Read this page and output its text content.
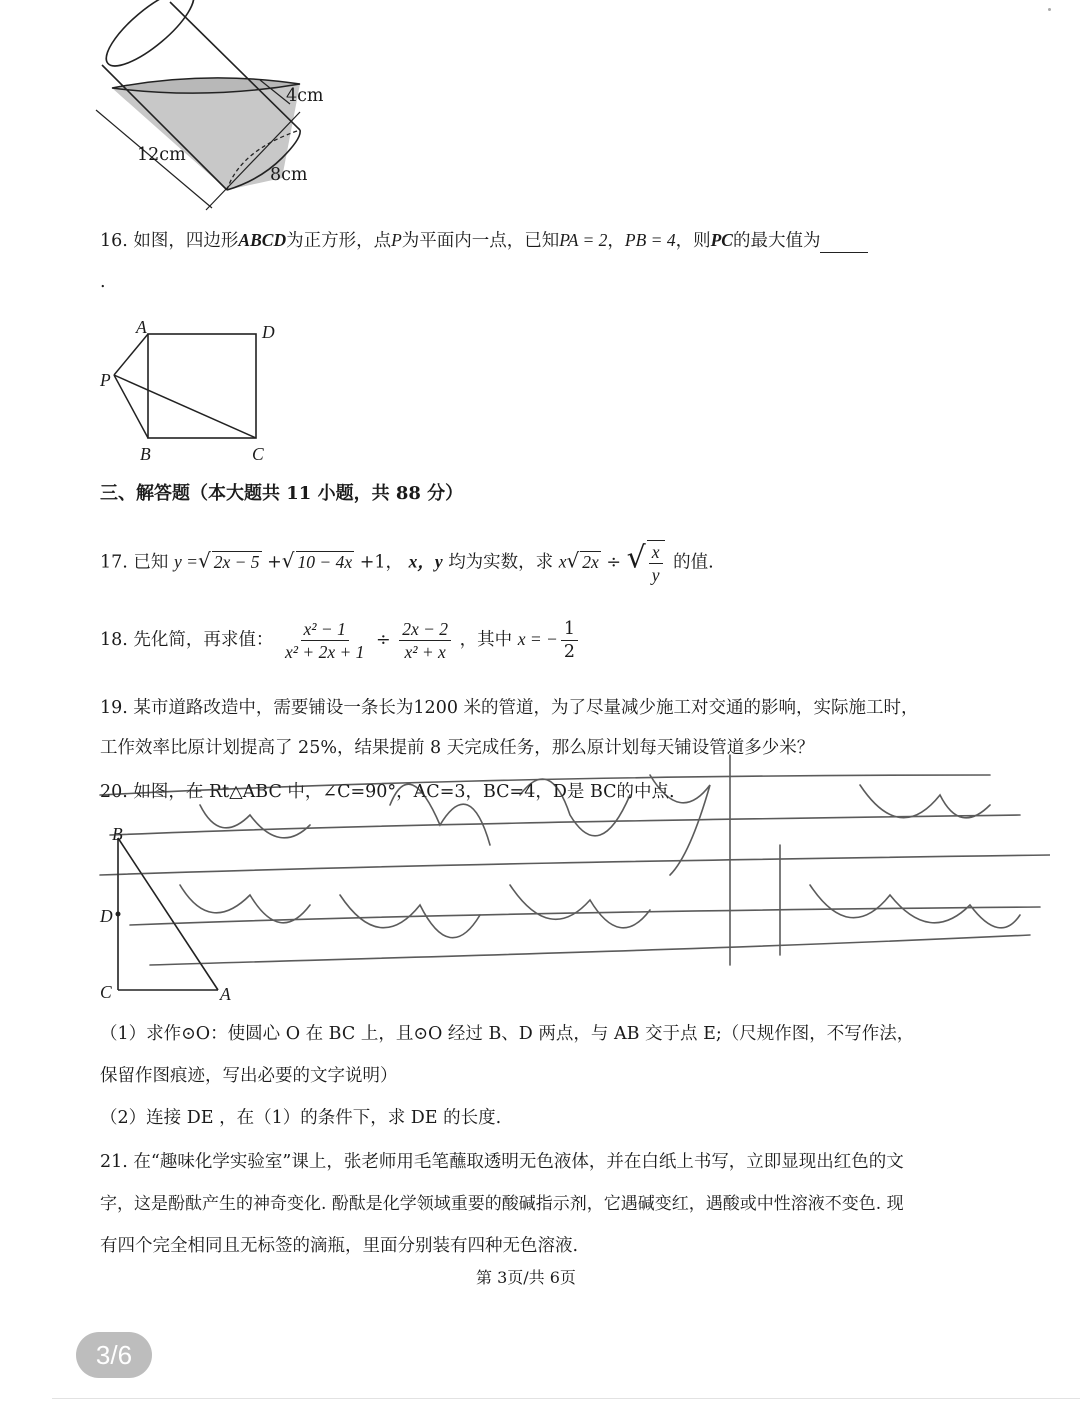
4cm
12cm
8cm
16. 如图，四边形ABCD为正方形，点P为平面内一点，已知PA = 2，PB = 4，则PC的最大值为
.
A	D
P
B	C
三、解答题（本大题共 11 小题，共 88 分）
17. 已知 y =√ 2x − 5 +√ 10 − 4x +1， x，y 均为实数，求 x√ 2x ÷ √ $\frac{x}{y}$ 的值.
18. 先化简，再求值： $\frac{\text{x² − 1}}{\text{x² + 2x + 1}} \div \frac{2x - 2}{\text{x² + x}}$ ，其中 x = − $\frac{1}{2}$
19. 某市道路改造中，需要铺设一条长为1200 米的管道，为了尽量减少施工对交通的影响，实际施工时，
工作效率比原计划提高了 25%，结果提前 8 天完成任务，那么原计划每天铺设管道多少米？
20. 如图，在 Rt△ABC 中，∠C=90°，AC=3，BC=4，D是 BC的中点.
B
D
C	A
（1）求作⊙O：使圆心 O 在 BC 上，且⊙O 经过 B、D 两点，与 AB 交于点 E;（尺规作图，不写作法，
保留作图痕迹，写出必要的文字说明）
（2）连接 DE ，在（1）的条件下，求 DE 的长度.
21. 在“趣味化学实验室”课上，张老师用毛笔蘸取透明无色液体，并在白纸上书写，立即显现出红色的文
字，这是酚酞产生的神奇变化. 酚酞是化学领域重要的酸碱指示剂，它遇碱变红，遇酸或中性溶液不变色. 现
有四个完全相同且无标签的滴瓶，里面分别装有四种无色溶液.
第 3页/共 6页
3/6
